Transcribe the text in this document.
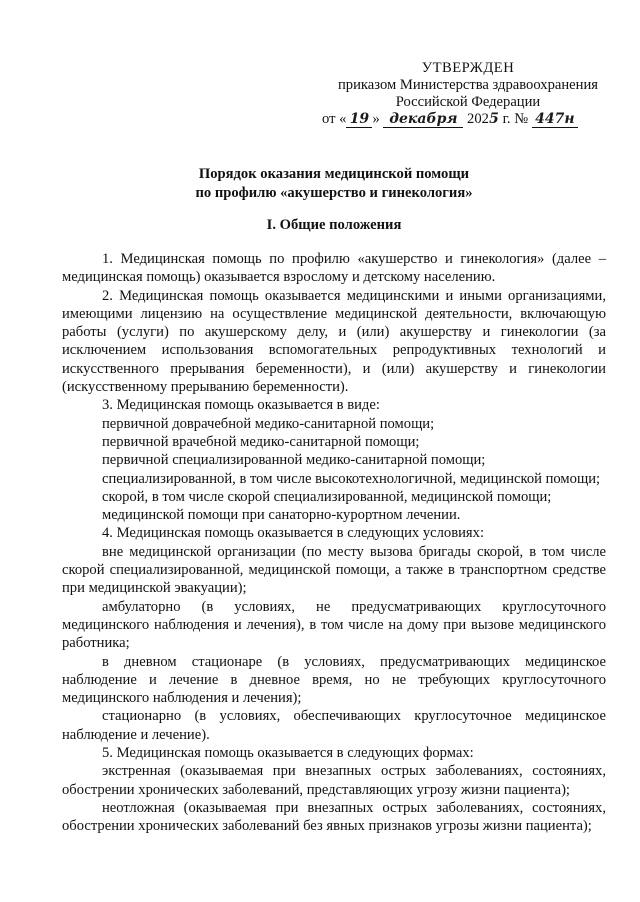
УТВЕРЖДЕН
приказом Министерства здравоохранения
Российской Федерации
от « 19 » декабря 2025 г. № 447н
Порядок оказания медицинской помощи
по профилю «акушерство и гинекология»
I. Общие положения

1. Медицинская помощь по профилю «акушерство и гинекология» (далее – медицинская помощь) оказывается взрослому и детскому населению.

2. Медицинская помощь оказывается медицинскими и иными организациями, имеющими лицензию на осуществление медицинской деятельности, включающую работы (услуги) по акушерскому делу, и (или) акушерству и гинекологии (за исключением использования вспомогательных репродуктивных технологий и искусственного прерывания беременности), и (или) акушерству и гинекологии (искусственному прерыванию беременности).

3. Медицинская помощь оказывается в виде:

первичной доврачебной медико-санитарной помощи;

первичной врачебной медико-санитарной помощи;

первичной специализированной медико-санитарной помощи;

специализированной, в том числе высокотехнологичной, медицинской помощи;

скорой, в том числе скорой специализированной, медицинской помощи;

медицинской помощи при санаторно-курортном лечении.

4. Медицинская помощь оказывается в следующих условиях:

вне медицинской организации (по месту вызова бригады скорой, в том числе скорой специализированной, медицинской помощи, а также в транспортном средстве при медицинской эвакуации);

амбулаторно (в условиях, не предусматривающих круглосуточного медицинского наблюдения и лечения), в том числе на дому при вызове медицинского работника;

в дневном стационаре (в условиях, предусматривающих медицинское наблюдение и лечение в дневное время, но не требующих круглосуточного медицинского наблюдения и лечения);

стационарно (в условиях, обеспечивающих круглосуточное медицинское наблюдение и лечение).

5. Медицинская помощь оказывается в следующих формах:

экстренная (оказываемая при внезапных острых заболеваниях, состояниях, обострении хронических заболеваний, представляющих угрозу жизни пациента);

неотложная (оказываемая при внезапных острых заболеваниях, состояниях, обострении хронических заболеваний без явных признаков угрозы жизни пациента);
